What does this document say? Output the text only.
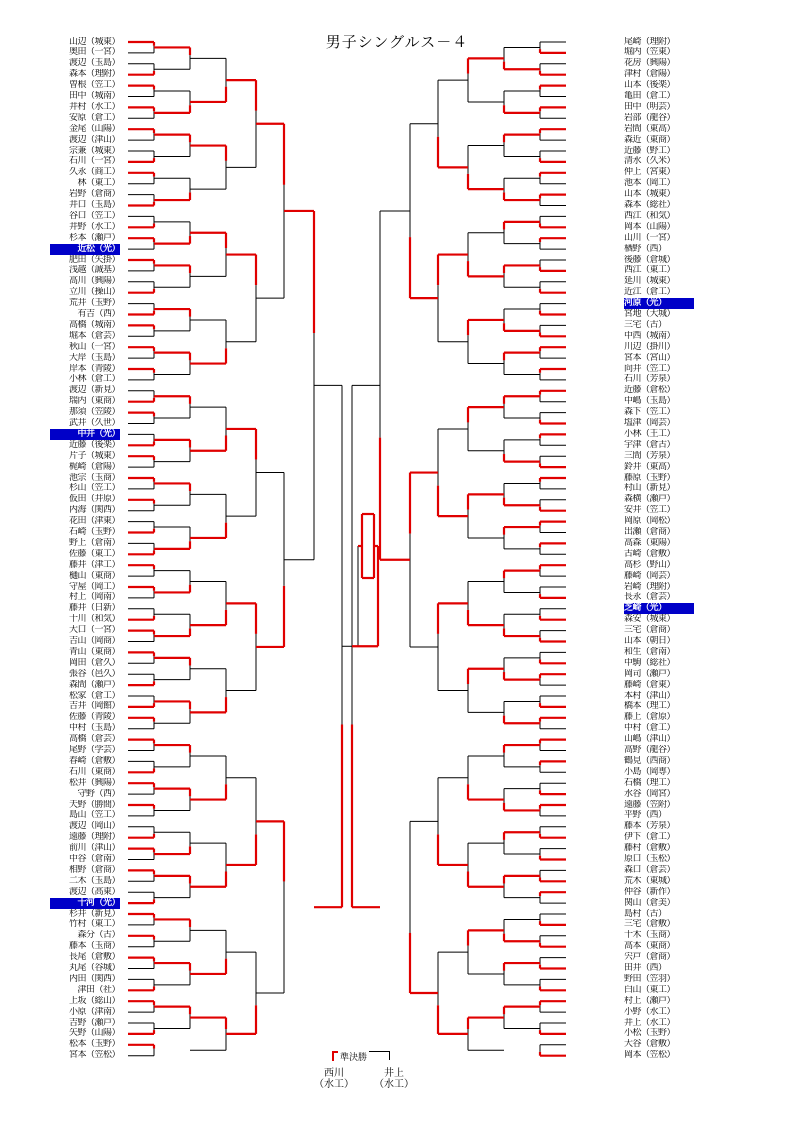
男子シングルス－４
山辺（城東）
奥田（一宮）
渡辺（玉島）
森本（理附）
曽根（笠工）
田中（城南）
井村（水工）
安原（倉工）
金尾（山陽）
渡辺（津山）
宗兼（城東）
石川（一宮）
久永（商工）
林（東工）
岩野（倉商）
井口（玉島）
谷口（笠工）
井野（水工）
杉本（瀬戸）
近松（光）
肥田（矢掛）
浅越（誠基）
高川（興陽）
立川（操山）
荒井（玉野）
有吉（西）
高橋（城南）
堀本（倉芸）
秋山（一宮）
大岸（玉島）
岸本（青陵）
小林（倉工）
渡辺（新見）
瑞内（東商）
那須（笠陵）
武井（久世）
中井（光）
近藤（後楽）
片子（城東）
梶崎（倉陽）
池宗（玉商）
杉山（笠工）
仮田（井原）
内海（関西）
花田（津東）
石崎（玉野）
野上（倉南）
佐藤（東工）
藤井（津工）
樋山（東商）
守屋（岡工）
村上（岡南）
藤井（日新）
十川（和気）
大口（一宮）
吉山（岡商）
青山（東商）
岡田（倉久）
張谷（邑久）
森間（瀬戸）
松家（倉工）
吉井（岡館）
佐藤（青陵）
中村（玉島）
高橋（倉芸）
尾野（学芸）
春崎（倉敷）
石川（東商）
松井（興陽）
守野（西）
天野（勝間）
島山（笠工）
渡辺（岡山）
遠藤（理附）
前川（津山）
中谷（倉南）
相野（倉商）
二木（玉島）
渡辺（高東）
十河（光）
杉井（新見）
竹村（東工）
森分（古）
藤本（玉商）
長尾（倉敷）
丸尾（谷城）
内田（関西）
津田（社）
上坂（総山）
小原（津南）
吉野（瀬戸）
矢野（山陽）
松本（玉野）
宮本（笠松）
尾崎（理附）
堀内（笠東）
花房（興陽）
津村（倉陽）
山本（後楽）
亀田（倉工）
田中（明芸）
岩部（龍谷）
岩間（東高）
森近（東商）
近藤（野工）
清水（久米）
仲上（宮東）
池本（岡工）
山本（城東）
森本（総社）
西江（和気）
岡本（山陽）
山川（一宮）
楢野（西）
後藤（倉城）
西江（東工）
延川（城東）
近江（倉工）
河原（光）
宮地（大城）
三宅（古）
中西（城南）
川辺（掛川）
宮本（宮山）
向井（笠工）
石川（芳泉）
近藤（倉松）
中嶋（玉島）
森下（笠工）
塩津（岡芸）
小林（王工）
宇津（倉古）
三間（芳泉）
鈴井（東高）
藤原（玉野）
村山（新見）
森横（瀬戸）
安井（笠工）
岡原（岡松）
出瀬（倉商）
高森（東陽）
古崎（倉敷）
高杉（野山）
藤崎（岡芸）
岩崎（理附）
長永（倉芸）
芝崎（光）
森安（城東）
三宅（倉商）
山本（朝日）
和生（倉南）
中駒（総社）
岡司（瀬戸）
藤崎（倉東）
本村（津山）
橋本（理工）
藤上（倉原）
中村（倉工）
山嶋（津山）
高野（龍谷）
鶴見（西商）
小島（岡専）
石橋（理工）
水谷（岡宮）
遠藤（笠附）
平野（西）
藤本（芳泉）
伊下（倉工）
藤村（倉敷）
原口（玉松）
森口（倉芸）
荒木（東城）
仲谷（新作）
関山（倉美）
島村（古）
三宅（倉敷）
十木（玉商）
高本（東商）
宍戸（倉商）
田井（西）
野田（笠羽）
白山（東工）
村上（瀬戸）
小野（水工）
井上（水工）
小松（玉野）
大谷（倉敷）
岡本（笠松）
準決勝
西川
（水工）
井上
（水工）
